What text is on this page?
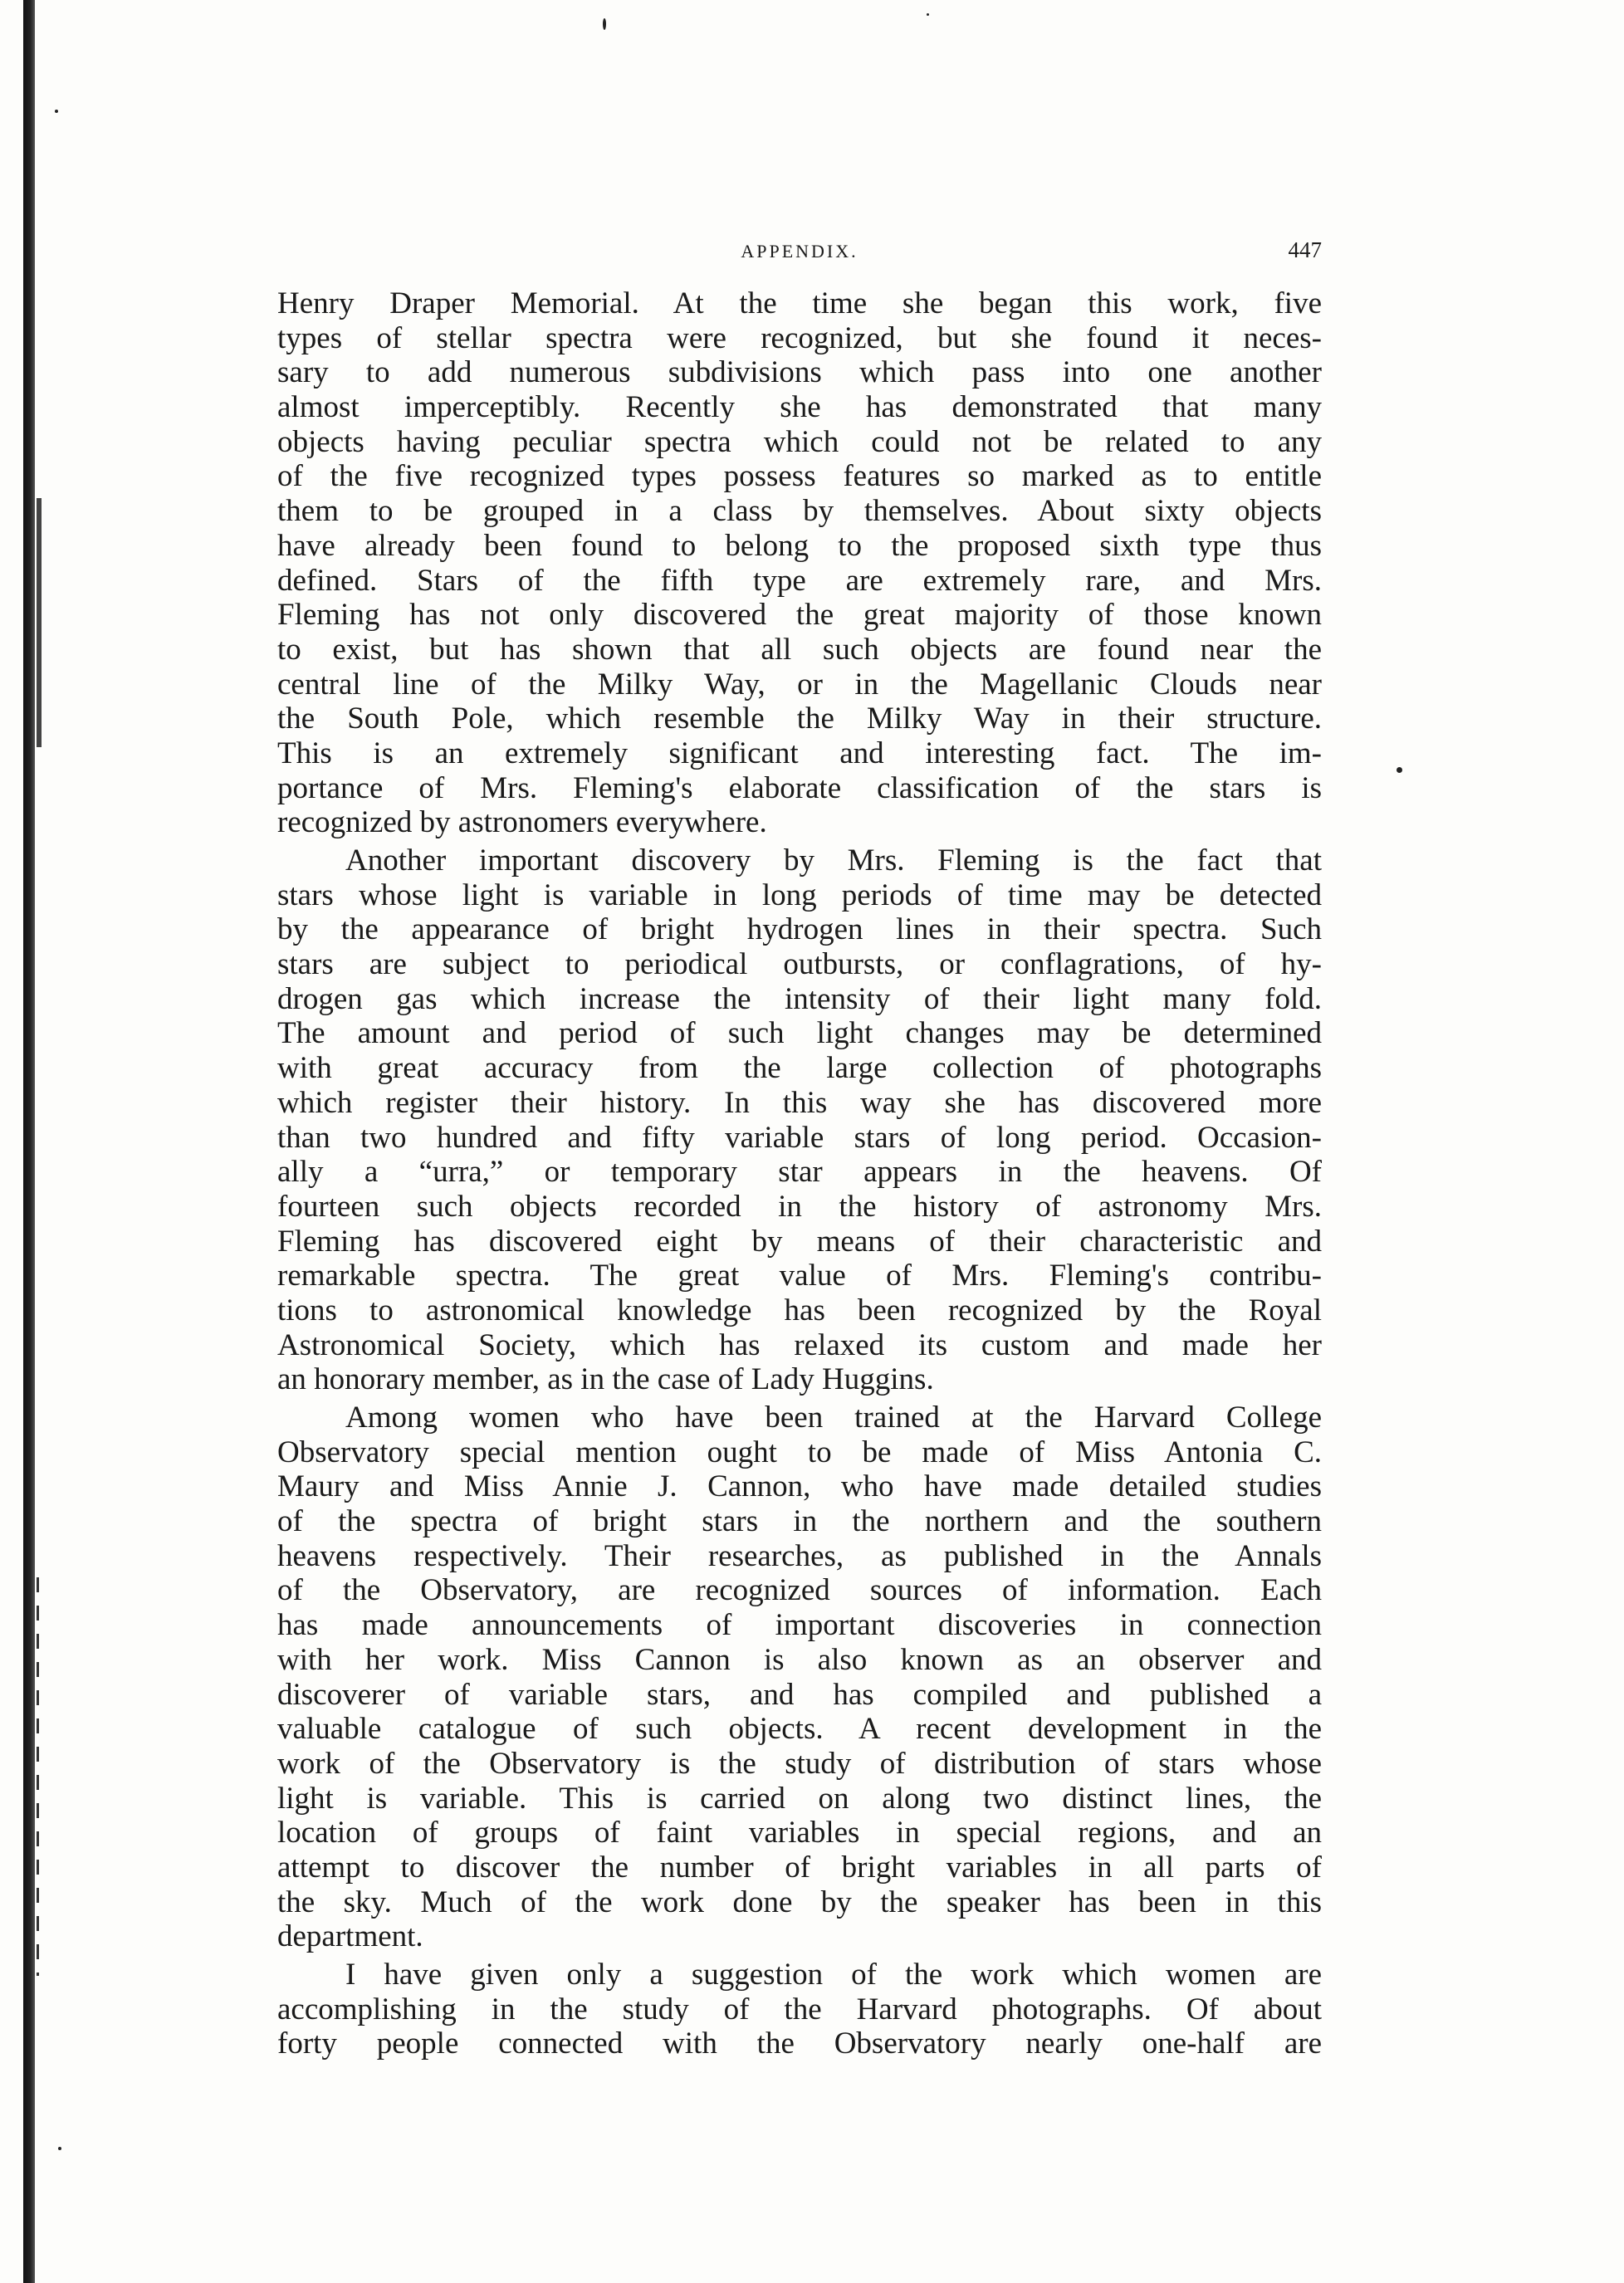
APPENDIX.	447
Henry Draper Memorial. At the time she began this work, five
types of stellar spectra were recognized, but she found it neces-
sary to add numerous subdivisions which pass into one another
almost imperceptibly. Recently she has demonstrated that many
objects having peculiar spectra which could not be related to any
of the five recognized types possess features so marked as to entitle
them to be grouped in a class by themselves. About sixty objects
have already been found to belong to the proposed sixth type thus
defined. Stars of the fifth type are extremely rare, and Mrs.
Fleming has not only discovered the great majority of those known
to exist, but has shown that all such objects are found near the
central line of the Milky Way, or in the Magellanic Clouds near
the South Pole, which resemble the Milky Way in their structure.
This is an extremely significant and interesting fact. The im-
portance of Mrs. Fleming's elaborate classification of the stars is
recognized by astronomers everywhere.
Another important discovery by Mrs. Fleming is the fact that
stars whose light is variable in long periods of time may be detected
by the appearance of bright hydrogen lines in their spectra. Such
stars are subject to periodical outbursts, or conflagrations, of hy-
drogen gas which increase the intensity of their light many fold.
The amount and period of such light changes may be determined
with great accuracy from the large collection of photographs
which register their history. In this way she has discovered more
than two hundred and fifty variable stars of long period. Occasion-
ally a “urra,” or temporary star appears in the heavens. Of
fourteen such objects recorded in the history of astronomy Mrs.
Fleming has discovered eight by means of their characteristic and
remarkable spectra. The great value of Mrs. Fleming's contribu-
tions to astronomical knowledge has been recognized by the Royal
Astronomical Society, which has relaxed its custom and made her
an honorary member, as in the case of Lady Huggins.
Among women who have been trained at the Harvard College
Observatory special mention ought to be made of Miss Antonia C.
Maury and Miss Annie J. Cannon, who have made detailed studies
of the spectra of bright stars in the northern and the southern
heavens respectively. Their researches, as published in the Annals
of the Observatory, are recognized sources of information. Each
has made announcements of important discoveries in connection
with her work. Miss Cannon is also known as an observer and
discoverer of variable stars, and has compiled and published a
valuable catalogue of such objects. A recent development in the
work of the Observatory is the study of distribution of stars whose
light is variable. This is carried on along two distinct lines, the
location of groups of faint variables in special regions, and an
attempt to discover the number of bright variables in all parts of
the sky. Much of the work done by the speaker has been in this
department.
I have given only a suggestion of the work which women are
accomplishing in the study of the Harvard photographs. Of about
forty people connected with the Observatory nearly one-half are
